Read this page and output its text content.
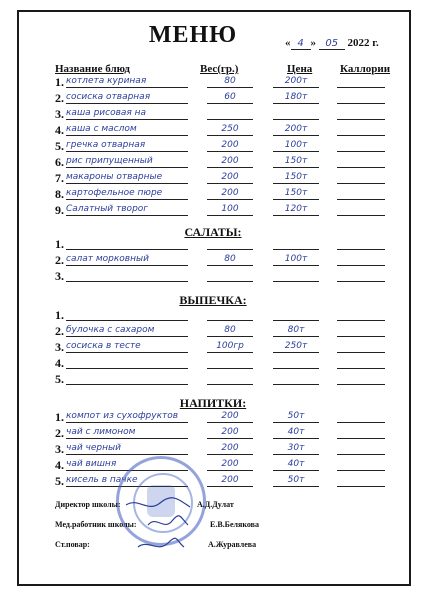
МЕНЮ	« 4 » 05 2022 г.
Название блюд	Вес(гр.)	Цена	Каллории
1. котлета куриная	80	200т
2. сосиска отварная	60	180т
3. каша рисовая на
4. каша с маслом	250	200т
5. гречка отварная	200	100т
6. рис припущенный	200	150т
7. макароны отварные	200	150т
8. картофельное пюре	200	150т
9. Салатный творог	100	120т
САЛАТЫ:
1.
2. салат морковный	80	100т
3.
ВЫПЕЧКА:
1.
2. булочка с сахаром	80	80т
3. сосиска в тесте	100гр	250т
4.
5.
НАПИТКИ:
1. компот из сухофруктов	200	50т
2. чай с лимоном	200	40т
3. чай черный	200	30т
4. чай вишня	200	40т
5. кисель в пачке	200	50т
Директор школы:	А.Д.Дулат
Мед.работник школы:	Е.В.Белякова
Ст.повар:	А.Журавлева
